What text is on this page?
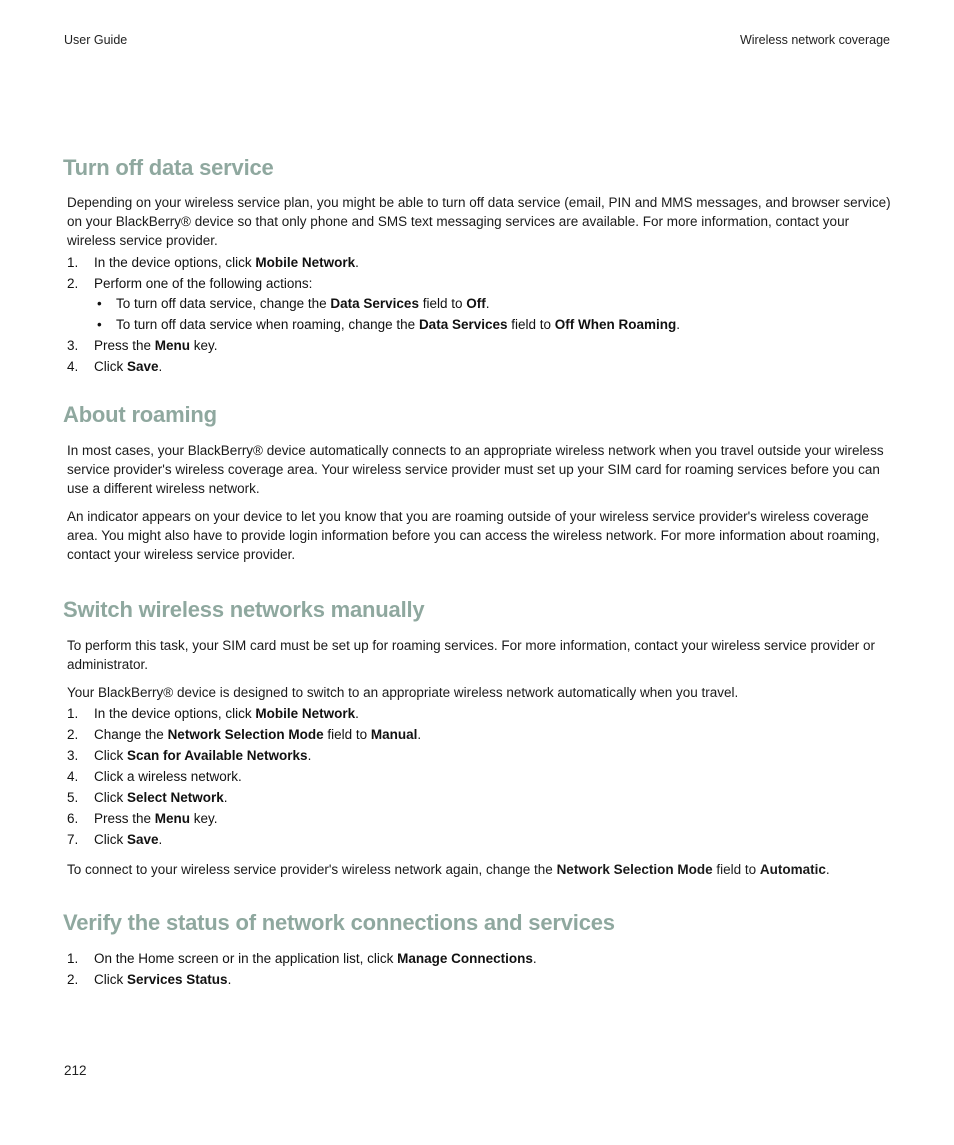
User Guide	Wireless network coverage
Turn off data service

Depending on your wireless service plan, you might be able to turn off data service (email, PIN and MMS messages, and browser service) on your BlackBerry® device so that only phone and SMS text messaging services are available. For more information, contact your wireless service provider.

1. In the device options, click Mobile Network.
2. Perform one of the following actions:
• To turn off data service, change the Data Services field to Off.
• To turn off data service when roaming, change the Data Services field to Off When Roaming.
3. Press the Menu key.
4. Click Save.
About roaming

In most cases, your BlackBerry® device automatically connects to an appropriate wireless network when you travel outside your wireless service provider's wireless coverage area. Your wireless service provider must set up your SIM card for roaming services before you can use a different wireless network.

An indicator appears on your device to let you know that you are roaming outside of your wireless service provider's wireless coverage area. You might also have to provide login information before you can access the wireless network. For more information about roaming, contact your wireless service provider.

Switch wireless networks manually

To perform this task, your SIM card must be set up for roaming services. For more information, contact your wireless service provider or administrator.

Your BlackBerry® device is designed to switch to an appropriate wireless network automatically when you travel.

1. In the device options, click Mobile Network.
2. Change the Network Selection Mode field to Manual.
3. Click Scan for Available Networks.
4. Click a wireless network.
5. Click Select Network.
6. Press the Menu key.
7. Click Save.

To connect to your wireless service provider's wireless network again, change the Network Selection Mode field to Automatic.

Verify the status of network connections and services
1. On the Home screen or in the application list, click Manage Connections.
2. Click Services Status.
212
